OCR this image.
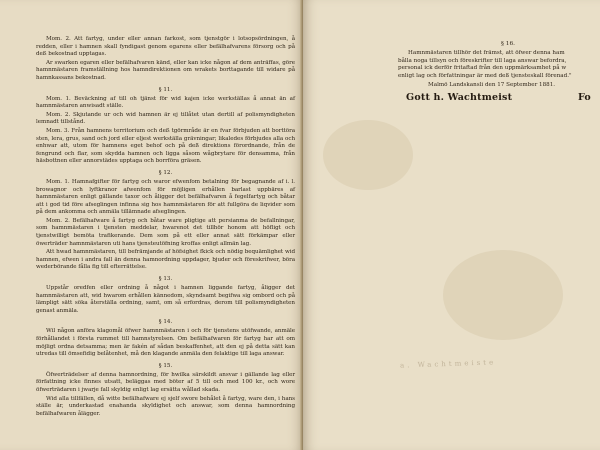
Mom. 2. Att fartyg, under eller annan farkost, som tjenstgör i lotsopsördningen, å redden, eller i hamnen skall fyndigast genom egarens eller befälhafvarens försorg och på deß bekostnad upptagas.

Ar swarken egaren eller befälhafvaren känd, eller kan icke någon af dem anträffas, göre hamnmästaren framställning hos hamndirektionen om wrakets borttagande till widare på hamnkassans bekostnad.

§ 11.

Mom. 1. Beväckning af till oh tjänst för wid kajen icke werkställas å annat än af hamnmästaren anwisadt ställe.

Mom. 2. Skjutande ur och wid hamnen är ej tillåtet utan dertill af polismyndigheten lemnadt tillstånd.

Mom. 3. Från hamnens territorium och deß tgörmråde är en fvar förbjuden att borttöra sten, lera, grus, sand och jord eller eljest werkställa grävningar; likaledes förbjudes alla och enhwar att, utom för hamnens eget behof och på deß direktions förordnande, från de fengrund och flar, som skydda hamnen och ligga såsom wågbrytare för densamma, från häsbottnen eller annorstädes upptaga och borrföra gräsen.

§ 12.

Mom. 1. Hamnafgifter för fartyg och waror efwenfom betalning för begagnande af i. l. browagnor och lyftkranor afwenfom för möjligen erhållen barlast uppbäres af hamnmästaren enligt gällande taxor och åligger det befälhafvaren å fegelfartyg och båtar att i god tid före afseglingen infinna sig hos hamnmästaren för att fullgöra de liqvider som på dem ankomma och anmäla tillämnade afseglingen.

Mom. 2. Befälhafware å fartyg och båtar ware pligtige att persianma de befallningar, som hamnmästaren i tjensten meddelar, hwarenot det tillhör honom att höfligt och tjenstwilligt bemöta trafikerande. Dem som på ett eller annat sätt förkämpar eller öwerträder hamnmästaren uti hans tjensteutöfning kroffas enligt allmän lag.

Att hwad hamnmästaren, till befrämjande af höfsighet fkick och nödig bequämlighet wid hamnen, efwen i andra fall än denna hamnordning uppdager, bjuder och föreskrifwer, böra wederbörande fålla fig till efterrättelse.

§ 13.

Uppstår oredfen eller ordning å något i hamnen liggande fartyg, åligger det hamnmästaren att, wid hwarom erhållen kännedom, skyndsamt begifwa sig ombord och på lämpligt sätt söka återställa ordning, samt, om så erfordras, derom till polismyndigheten genast anmäla.

§ 14.

Wil någon anföra klagomål öfwer hamnmästaren i och för tjenstens utöfwande, anmäle förhållandet i första rummet till hamnstyrelsen. Om befälhafwaren för fartyg har att om möjligt ordna detsamma; men är fakén af sådan beskaffenhet, att den ej på detta sätt kan utredas till ömsefidig belåtenhet, må den klagande anmäla den felaktige till laga answar.

§ 15.

Öfwerträdelser af denna hamnordning, för hwilka särskildt ansvar i gällande lag eller författning icke finnes utsatt, beläggas med böter af 5 till och med 100 kr., och wore öfwerträdaren i jwarje fall skyldig enligt lag ersätta wållad skada.

Wid alla tillfällen, då witte befälhafware ej sjelf swore behålet å fartyg, ware den, i hans ställe är, underkastad enahanda skyldighet och answar, som denna hamnordning befälhafwaren ålägger.

§ 16.

Hamnmästaren tillhör det främst, att öfwer denna ham

bålla noga tillsyn och föreskrifter till laga answar befordra,

personal ick derför fritaftad från den uppmärksamhet på w

enligt lag och författningar är med deß tjensteskall förenad."

Malmö Landskansli den 17 September 1881.
Gott h. Wachtmeist	Fo
a. Wachtmeiste
